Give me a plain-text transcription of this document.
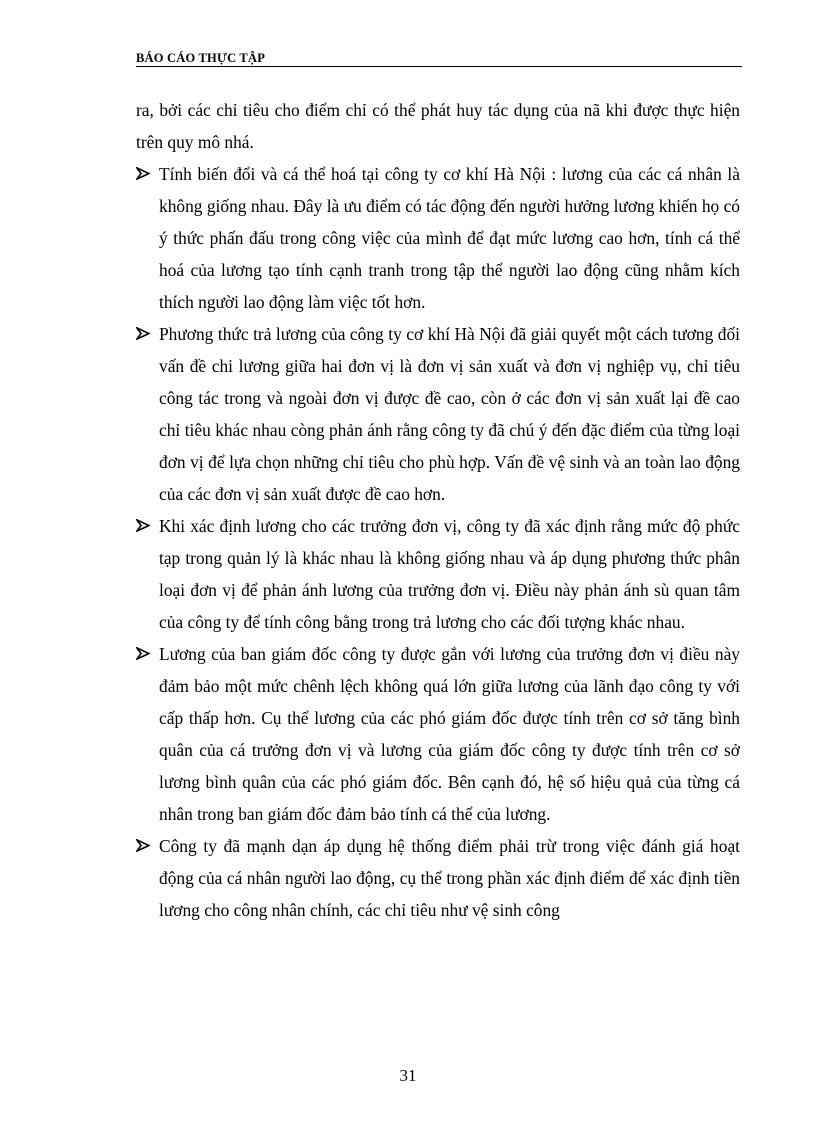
BÁO CÁO THỰC TẬP

ra, bởi các chỉ tiêu cho điểm chỉ có thể phát huy tác dụng của nã khi được thực hiện trên quy mô nhá.

Tính biến đổi và cá thể hoá tại công ty cơ khí Hà Nội : lương của các cá nhân là không giống nhau. Đây là ưu điểm có tác động đến người hưởng lương khiến họ có ý thức phấn đấu trong công việc của mình để đạt mức lương cao hơn, tính cá thể hoá của lương tạo tính cạnh tranh trong tập thể người lao động cũng nhằm kích thích người lao động làm việc tốt hơn.
Phương thức trả lương của công ty cơ khí Hà Nội đã giải quyết một cách tương đối vấn đề chi lương giữa hai đơn vị là đơn vị sản xuất và đơn vị nghiệp vụ, chỉ tiêu công tác trong và ngoài đơn vị được đề cao, còn ở các đơn vị sản xuất lại đề cao chỉ tiêu khác nhau còng phản ánh rằng công ty đã chú ý đến đặc điểm của từng loại đơn vị để lựa chọn những chỉ tiêu cho phù hợp. Vấn đề vệ sinh và an toàn lao động của các đơn vị sản xuất được đề cao hơn.
Khi xác định lương cho các trưởng đơn vị, công ty đã xác định rằng mức độ phức tạp trong quản lý là khác nhau là không giống nhau và áp dụng phương thức phân loại đơn vị để phản ánh lương của trưởng đơn vị. Điều này phản ánh sù quan tâm của công ty để tính công bằng trong trả lương cho các đối tượng khác nhau.
Lương của ban giám đốc công ty được gắn với lương của trưởng đơn vị điều này đảm bảo một mức chênh lệch không quá lớn giữa lương của lãnh đạo công ty với cấp thấp hơn. Cụ thể lương của các phó giám đốc được tính trên cơ sở tăng bình quân của cá trưởng đơn vị và lương của giám đốc công ty được tính trên cơ sở lương bình quân của các phó giám đốc. Bên cạnh đó, hệ số hiệu quả của từng cá nhân trong ban giám đốc đảm bảo tính cá thể của lương.
Công ty đã mạnh dạn áp dụng hệ thống điểm phải trừ trong việc đánh giá hoạt động của cá nhân người lao động, cụ thể trong phần xác định điểm để xác định tiền lương cho công nhân chính, các chỉ tiêu như vệ sinh công
31
